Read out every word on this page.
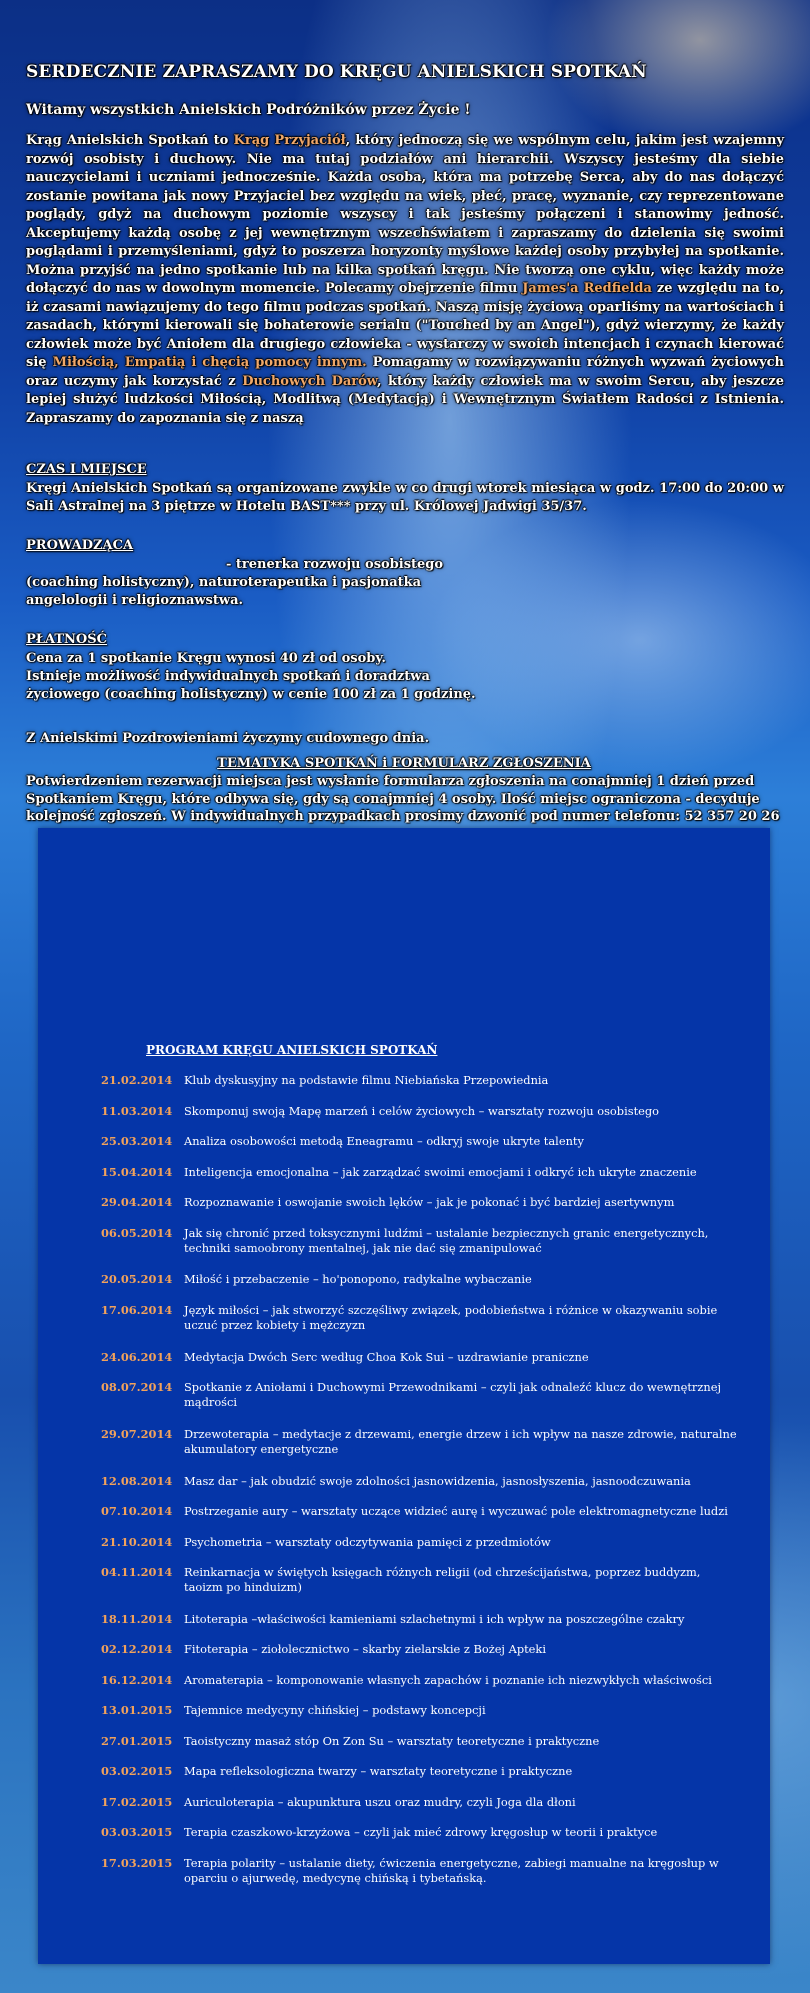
SERDECZNIE ZAPRASZAMY DO KRĘGU ANIELSKICH SPOTKAŃ

Witamy wszystkich Anielskich Podróżników przez Życie !

Krąg Anielskich Spotkań to Krąg Przyjaciół, który jednoczą się we wspólnym celu, jakim jest wzajemny rozwój osobisty i duchowy. Nie ma tutaj podziałów ani hierarchii. Wszyscy jesteśmy dla siebie nauczycielami i uczniami jednocześnie. Każda osoba, która ma potrzebę Serca, aby do nas dołączyć zostanie powitana jak nowy Przyjaciel bez względu na wiek, płeć, pracę, wyznanie, czy reprezentowane poglądy, gdyż na duchowym poziomie wszyscy i tak jesteśmy połączeni i stanowimy jedność. Akceptujemy każdą osobę z jej wewnętrznym wszechświatem i zapraszamy do dzielenia się swoimi poglądami i przemyśleniami, gdyż to poszerza horyzonty myślowe każdej osoby przybyłej na spotkanie. Można przyjść na jedno spotkanie lub na kilka spotkań kręgu. Nie tworzą one cyklu, więc każdy może dołączyć do nas w dowolnym momencie. Polecamy obejrzenie filmu James'a Redfielda ze względu na to, iż czasami nawiązujemy do tego filmu podczas spotkań. Naszą misję życiową oparliśmy na wartościach i zasadach, którymi kierowali się bohaterowie serialu ("Touched by an Angel"), gdyż wierzymy, że każdy człowiek może być Aniołem dla drugiego człowieka - wystarczy w swoich intencjach i czynach kierować się Miłością, Empatią i chęcią pomocy innym. Pomagamy w rozwiązywaniu różnych wyzwań życiowych oraz uczymy jak korzystać z Duchowych Darów, który każdy człowiek ma w swoim Sercu, aby jeszcze lepiej służyć ludzkości Miłością, Modlitwą (Medytacją) i Wewnętrznym Światłem Radości z Istnienia. Zapraszamy do zapoznania się z naszą

CZAS I MIEJSCE
Kręgi Anielskich Spotkań są organizowane zwykle w co drugi wtorek miesiąca w godz. 17:00 do 20:00 w Sali Astralnej na 3 piętrze w Hotelu BAST*** przy ul. Królowej Jadwigi 35/37.
PROWADZĄCA
- trenerka rozwoju osobistego
(coaching holistyczny), naturoterapeutka i pasjonatka
angelologii i religioznawstwa.
PŁATNOŚĆ
Cena za 1 spotkanie Kręgu wynosi 40 zł od osoby.
Istnieje możliwość indywidualnych spotkań i doradztwa
życiowego (coaching holistyczny) w cenie 100 zł za 1 godzinę.
Z Anielskimi Pozdrowieniami życzymy cudownego dnia.
TEMATYKA SPOTKAŃ i FORMULARZ ZGŁOSZENIA
Potwierdzeniem rezerwacji miejsca jest wysłanie formularza zgłoszenia na conajmniej 1 dzień przed Spotkaniem Kręgu, które odbywa się, gdy są conajmniej 4 osoby. Ilość miejsc ograniczona - decyduje kolejność zgłoszeń. W indywidualnych przypadkach prosimy dzwonić pod numer telefonu: 52 357 20 26
PROGRAM KRĘGU ANIELSKICH SPOTKAŃ
21.02.2014	Klub dyskusyjny na podstawie filmu Niebiańska Przepowiednia
11.03.2014	Skomponuj swoją Mapę marzeń i celów życiowych – warsztaty rozwoju osobistego
25.03.2014	Analiza osobowości metodą Eneagramu – odkryj swoje ukryte talenty
15.04.2014	Inteligencja emocjonalna – jak zarządzać swoimi emocjami i odkryć ich ukryte znaczenie
29.04.2014	Rozpoznawanie i oswojanie swoich lęków – jak je pokonać i być bardziej asertywnym
06.05.2014	Jak się chronić przed toksycznymi ludźmi – ustalanie bezpiecznych granic energetycznych, techniki samoobrony mentalnej, jak nie dać się zmanipulować
20.05.2014	Miłość i przebaczenie – ho'ponopono, radykalne wybaczanie
17.06.2014	Język miłości – jak stworzyć szczęśliwy związek, podobieństwa i różnice w okazywaniu sobie uczuć przez kobiety i mężczyzn
24.06.2014	Medytacja Dwóch Serc według Choa Kok Sui – uzdrawianie praniczne
08.07.2014	Spotkanie z Aniołami i Duchowymi Przewodnikami – czyli jak odnaleźć klucz do wewnętrznej mądrości
29.07.2014	Drzewoterapia – medytacje z drzewami, energie drzew i ich wpływ na nasze zdrowie, naturalne akumulatory energetyczne
12.08.2014	Masz dar – jak obudzić swoje zdolności jasnowidzenia, jasnosłyszenia, jasnoodczuwania
07.10.2014	Postrzeganie aury – warsztaty uczące widzieć aurę i wyczuwać pole elektromagnetyczne ludzi
21.10.2014	Psychometria – warsztaty odczytywania pamięci z przedmiotów
04.11.2014	Reinkarnacja w świętych księgach różnych religii (od chrześcijaństwa, poprzez buddyzm, taoizm po hinduizm)
18.11.2014	Litoterapia –właściwości kamieniami szlachetnymi i ich wpływ na poszczególne czakry
02.12.2014	Fitoterapia – ziołolecznictwo – skarby zielarskie z Bożej Apteki
16.12.2014	Aromaterapia – komponowanie własnych zapachów i poznanie ich niezwykłych właściwości
13.01.2015	Tajemnice medycyny chińskiej – podstawy koncepcji
27.01.2015	Taoistyczny masaż stóp On Zon Su – warsztaty teoretyczne i praktyczne
03.02.2015	Mapa refleksologiczna twarzy – warsztaty teoretyczne i praktyczne
17.02.2015	Auriculoterapia – akupunktura uszu oraz mudry, czyli Joga dla dłoni
03.03.2015	Terapia czaszkowo-krzyżowa – czyli jak mieć zdrowy kręgosłup w teorii i praktyce
17.03.2015	Terapia polarity – ustalanie diety, ćwiczenia energetyczne, zabiegi manualne na kręgosłup w oparciu o ajurwedę, medycynę chińską i tybetańską.
